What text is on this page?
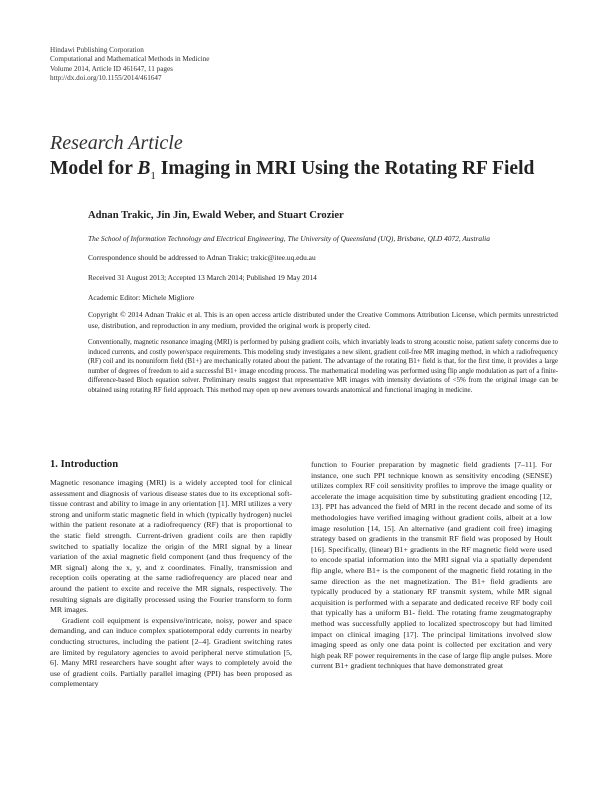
Hindawi Publishing Corporation
Computational and Mathematical Methods in Medicine
Volume 2014, Article ID 461647, 11 pages
http://dx.doi.org/10.1155/2014/461647
Research Article
Model for $B_1$ Imaging in MRI Using the Rotating RF Field
Adnan Trakic, Jin Jin, Ewald Weber, and Stuart Crozier
The School of Information Technology and Electrical Engineering, The University of Queensland (UQ), Brisbane, QLD 4072, Australia
Correspondence should be addressed to Adnan Trakic; trakic@itee.uq.edu.au
Received 31 August 2013; Accepted 13 March 2014; Published 19 May 2014
Academic Editor: Michele Migliore

Copyright © 2014 Adnan Trakic et al. This is an open access article distributed under the Creative Commons Attribution License, which permits unrestricted use, distribution, and reproduction in any medium, provided the original work is properly cited.

Conventionally, magnetic resonance imaging (MRI) is performed by pulsing gradient coils, which invariably leads to strong acoustic noise, patient safety concerns due to induced currents, and costly power/space requirements. This modeling study investigates a new silent, gradient coil-free MR imaging method, in which a radiofrequency (RF) coil and its nonuniform field (B1+) are mechanically rotated about the patient. The advantage of the rotating B1+ field is that, for the first time, it provides a large number of degrees of freedom to aid a successful B1+ image encoding process. The mathematical modeling was performed using flip angle modulation as part of a finite-difference-based Bloch equation solver. Preliminary results suggest that representative MR images with intensity deviations of <5% from the original image can be obtained using rotating RF field approach. This method may open up new avenues towards anatomical and functional imaging in medicine.

1. Introduction

Magnetic resonance imaging (MRI) is a widely accepted tool for clinical assessment and diagnosis of various disease states due to its exceptional soft-tissue contrast and ability to image in any orientation [1]. MRI utilizes a very strong and uniform static magnetic field in which (typically hydrogen) nuclei within the patient resonate at a radiofrequency (RF) that is proportional to the static field strength. Current-driven gradient coils are then rapidly switched to spatially localize the origin of the MRI signal by a linear variation of the axial magnetic field component (and thus frequency of the MR signal) along the x, y, and z coordinates. Finally, transmission and reception coils operating at the same radiofrequency are placed near and around the patient to excite and receive the MR signals, respectively. The resulting signals are digitally processed using the Fourier transform to form MR images.

Gradient coil equipment is expensive/intricate, noisy, power and space demanding, and can induce complex spatiotemporal eddy currents in nearby conducting structures, including the patient [2–4]. Gradient switching rates are limited by regulatory agencies to avoid peripheral nerve stimulation [5, 6]. Many MRI researchers have sought after ways to completely avoid the use of gradient coils. Partially parallel imaging (PPI) has been proposed as complementary

function to Fourier preparation by magnetic field gradients [7–11]. For instance, one such PPI technique known as sensitivity encoding (SENSE) utilizes complex RF coil sensitivity profiles to improve the image quality or accelerate the image acquisition time by substituting gradient encoding [12, 13]. PPI has advanced the field of MRI in the recent decade and some of its methodologies have verified imaging without gradient coils, albeit at a low image resolution [14, 15]. An alternative (and gradient coil free) imaging strategy based on gradients in the transmit RF field was proposed by Hoult [16]. Specifically, (linear) B1+ gradients in the RF magnetic field were used to encode spatial information into the MRI signal via a spatially dependent flip angle, where B1+ is the component of the magnetic field rotating in the same direction as the net magnetization. The B1+ field gradients are typically produced by a stationary RF transmit system, while MR signal acquisition is performed with a separate and dedicated receive RF body coil that typically has a uniform B1- field. The rotating frame zeugmatography method was successfully applied to localized spectroscopy but had limited impact on clinical imaging [17]. The principal limitations involved slow imaging speed as only one data point is collected per excitation and very high peak RF power requirements in the case of large flip angle pulses. More current B1+ gradient techniques that have demonstrated great
